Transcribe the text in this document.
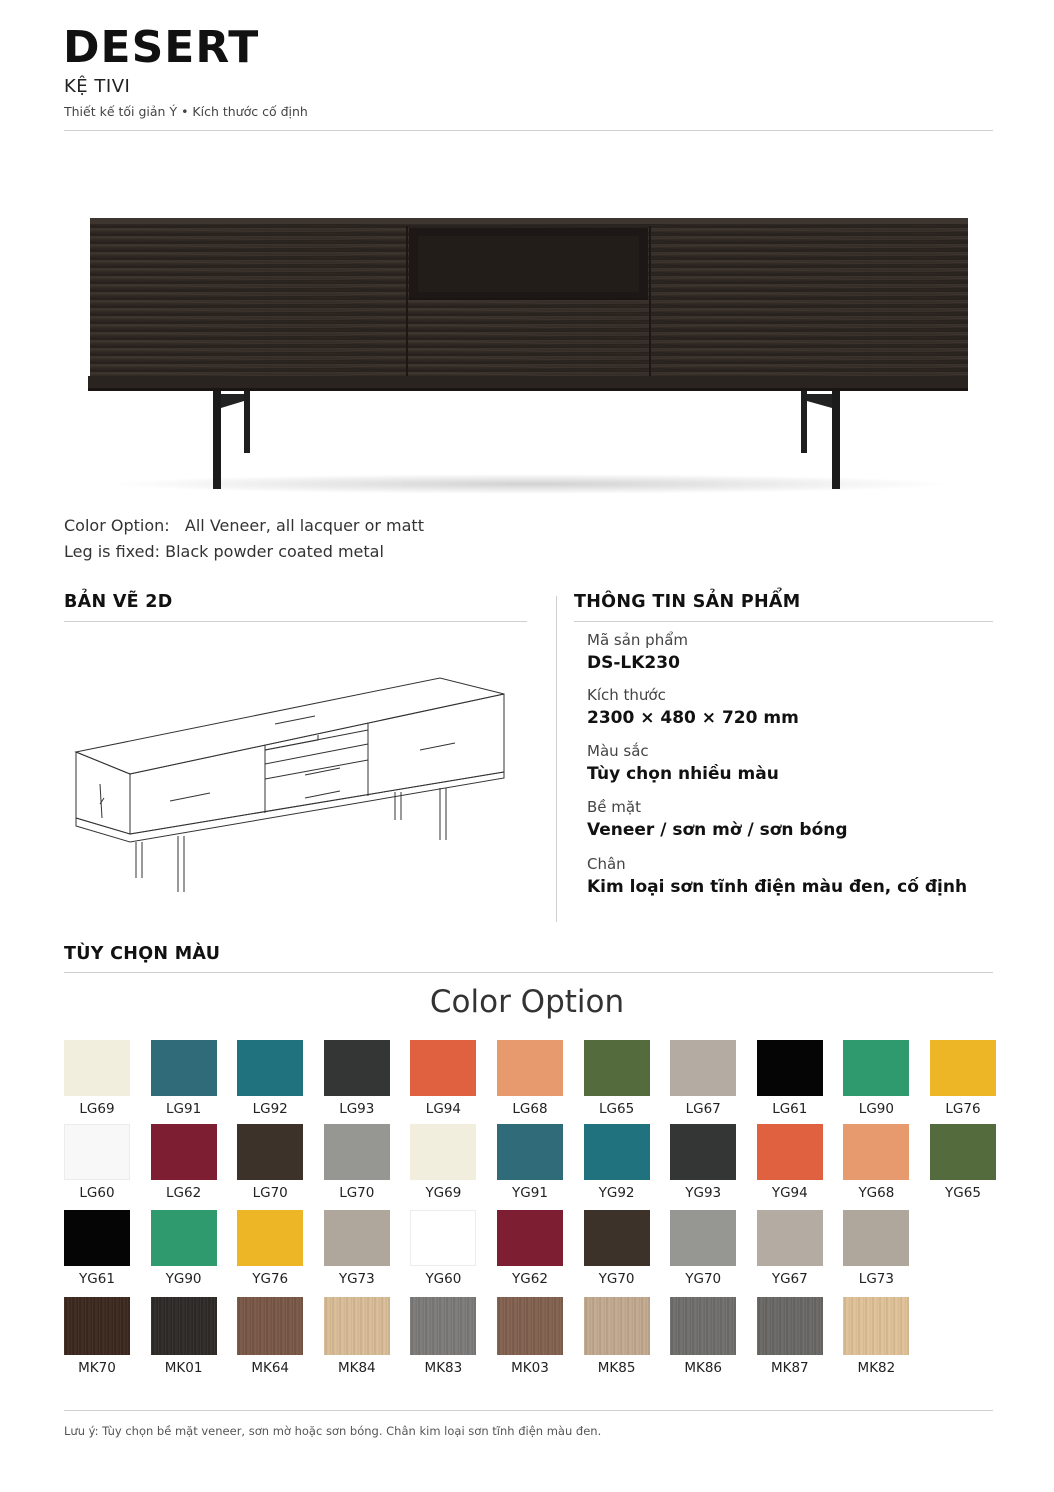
DESERT
KỆ TIVI
Thiết kế tối giản Ý • Kích thước cố định
Color Option:   All Veneer, all lacquer or matt
Leg is fixed: Black powder coated metal
BẢN VẼ 2D	THÔNG TIN SẢN PHẨM
Mã sản phẩm
DS-LK230
Kích thước
2300 × 480 × 720 mm
Màu sắc
Tùy chọn nhiều màu
Bề mặt
Veneer / sơn mờ / sơn bóng
Chân
Kim loại sơn tĩnh điện màu đen, cố định
TÙY CHỌN MÀU
Color Option
LG69	LG91	LG92	LG93	LG94	LG68	LG65	LG67	LG61	LG90	LG76
LG60	LG62	LG70	LG70	YG69	YG91	YG92	YG93	YG94	YG68	YG65
YG61	YG90	YG76	YG73	YG60	YG62	YG70	YG70	YG67	LG73
MK70	MK01	MK64	MK84	MK83	MK03	MK85	MK86	MK87	MK82
Lưu ý: Tùy chọn bề mặt veneer, sơn mờ hoặc sơn bóng. Chân kim loại sơn tĩnh điện màu đen.
